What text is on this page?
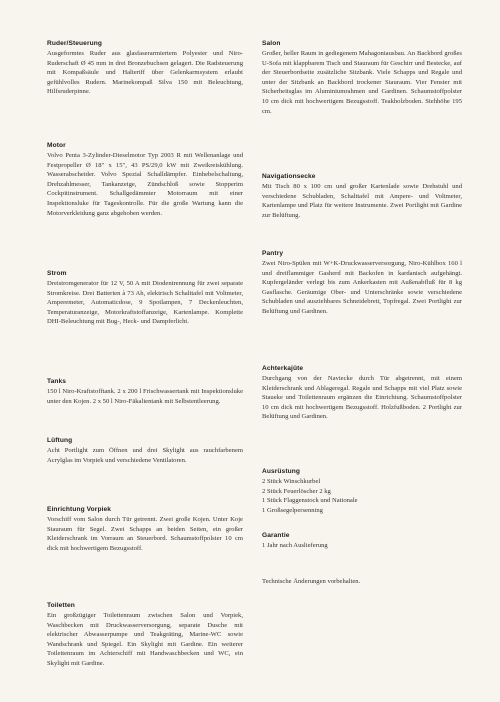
Ruder/Steuerung

Ausgeformtes Ruder aus glasfaserarmiertem Polyester und Niro-Ruderschaft Ø 45 mm in drei Bronzebuchsen gelagert. Die Radsteuerung mit Kompaßsäule und Halteriff über Gelenkarmsystem erlaubt gefühlvolles Rudern. Marinekompaß Silva 150 mit Beleuchtung, Hilfsruderpinne.

Motor

Volvo Penta 3-Zylinder-Dieselmotor Typ 2003 R mit Wellenanlage und Festpropeller Ø 18" x 15", 43 PS/29,0 kW mit Zweikreiskühlung. Wasserabscheider. Volvo Spezial Schalldämpfer. Einhebelschaltung, Drehzahlmesser, Tankanzeige, Zündschloß sowie Stopperim Cockpitinstrument. Schallgedämmter Motorraum mit einer Inspektionsluke für Tageskontrolle. Für die große Wartung kann die Motorverkleidung ganz abgehoben werden.

Strom

Dreistromgenerator für 12 V, 50 A mit Diodentrennung für zwei separate Stromkreise. Drei Batterien à 73 Ah, elektrisch Schalttafel mit Voltmeter, Amperemeter, Automaticdose, 9 Spotlampen, 7 Deckenleuchten, Temperaturanzeige, Motorkraftstoffanzeige, Kartenlampe. Komplette DHI-Beleuchtung mit Bug-, Heck- und Dampferlicht.

Tanks

150 l Niro-Kraftstofftank. 2 x 200 l Frischwassertank mit Inspektionsluke unter den Kojen. 2 x 50 l Niro-Fäkalientank mit Selbstentleerung.

Lüftung

Acht Portlight zum Öffnen und drei Skylight aus rauchfarbenem Acrylglas im Vorpiek und verschiedene Ventilatoren.

Einrichtung Vorpiek

Vorschiff vom Salon durch Tür getrennt. Zwei große Kojen. Unter Koje Stauraum für Segel. Zwei Schapps an beiden Seiten, ein großer Kleiderschrank im Vorraum an Steuerbord. Schaumstoffpolster 10 cm dick mit hochwertigem Bezugsstoff.

Toiletten

Ein großzügiger Toilettenraum zwischen Salon und Vorpiek, Waschbecken mit Druckwasserversorgung, separate Dusche mit elektrischer Abwasserpumpe und Teakgräting, Marine-WC sowie Wandschrank und Spiegel. Ein Skylight mit Gardine. Ein weiterer Toilettenraum im Achterschiff mit Handwaschbecken und WC, ein Skylight mit Gardine.

Salon

Großer, heller Raum in gediegenem Mahagoniausbau. An Backbord großes U-Sofa mit klappbarem Tisch und Stauraum für Geschirr und Bestecke, auf der Steuerbordseite zusätzliche Sitzbank. Viele Schapps und Regale und unter der Sitzbank an Backbord trockener Stauraum. Vier Fenster mit Sicherheitsglas im Aluminiumrahmen und Gardinen. Schaumstoffpolster 10 cm dick mit hochwertigem Bezugsstoff. Teakholzboden. Stehhöhe 195 cm.

Navigationsecke

Mit Tisch 80 x 100 cm und großer Kartenlade sowie Drehstuhl und verschiedene Schubladen, Schalttafel mit Ampere- und Voltmeter, Kartenlampe und Platz für weitere Instrumente. Zwei Portlight mit Gardine zur Belüftung.

Pantry

Zwei Niro-Spülen mit W+K-Druckwasserversorgung, Niro-Kühlbox 160 l und dreiflammiger Gasherd mit Backofen in kardanisch aufgehängt. Kupfergeländer verlegt bis zum Ankerkasten mit Außenabfluß für 8 kg Gasflasche. Geräumige Ober- und Unterschränke sowie verschiedene Schubladen und ausziehbares Schneidebrett, Topfregal. Zwei Portlight zur Belüftung und Gardinen.

Achterkajüte

Durchgang von der Naviecke durch Tür abgetrennt, mit einem Kleiderschrank und Ablageregal. Regale und Schapps mit viel Platz sowie Staueke und Toilettenraum ergänzen die Einrichtung. Schaumstoffpolster 10 cm dick mit hochwertigem Bezugsstoff. Holzfußboden. 2 Portlight zur Belüftung und Gardinen.

Ausrüstung

2 Stück Winschkurbel
2 Stück Feuerlöscher 2 kg
1 Stück Flaggenstock und Nationale
1 Großsegelpersenning

Garantie

1 Jahr nach Auslieferung

Technische Änderungen vorbehalten.
